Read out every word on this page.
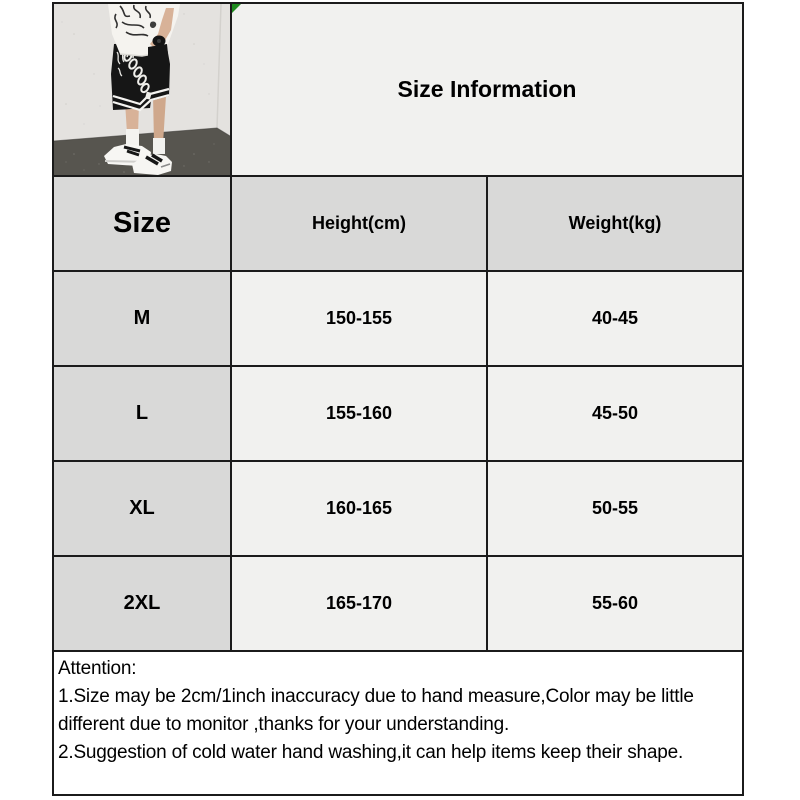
Size Information
Size	Height(cm)	Weight(kg)
M	150-155	40-45
L	155-160	45-50
XL	160-165	50-55
2XL	165-170	55-60
Attention:
1.Size may be 2cm/1inch inaccuracy due to hand measure,Color may be little
different due to monitor ,thanks for your understanding.
2.Suggestion of cold water hand washing,it can help items keep their shape.
